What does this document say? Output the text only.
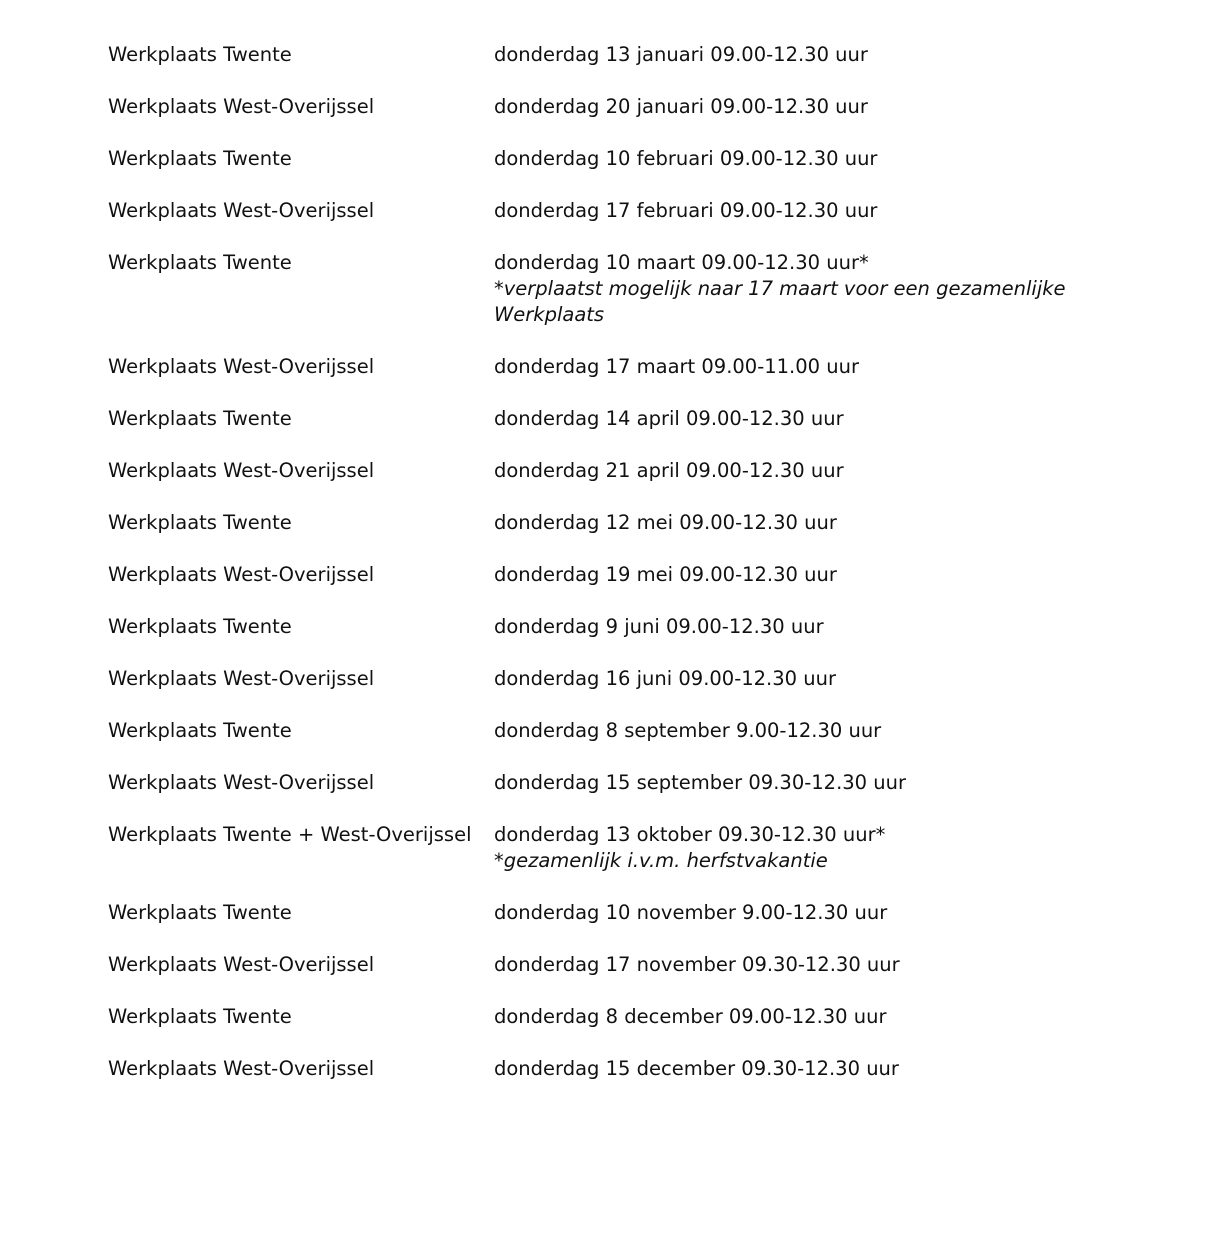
Werkplaats Twente	donderdag 13 januari 09.00-12.30 uur
Werkplaats West-Overijssel	donderdag 20 januari 09.00-12.30 uur
Werkplaats Twente	donderdag 10 februari 09.00-12.30 uur
Werkplaats West-Overijssel	donderdag 17 februari 09.00-12.30 uur
Werkplaats Twente	donderdag 10 maart 09.00-12.30 uur*
*verplaatst mogelijk naar 17 maart voor een gezamenlijke Werkplaats
Werkplaats West-Overijssel	donderdag 17 maart 09.00-11.00 uur
Werkplaats Twente	donderdag 14 april 09.00-12.30 uur
Werkplaats West-Overijssel	donderdag 21 april 09.00-12.30 uur
Werkplaats Twente	donderdag 12 mei 09.00-12.30 uur
Werkplaats West-Overijssel	donderdag 19 mei 09.00-12.30 uur
Werkplaats Twente	donderdag 9 juni 09.00-12.30 uur
Werkplaats West-Overijssel	donderdag 16 juni 09.00-12.30 uur
Werkplaats Twente	donderdag 8 september 9.00-12.30 uur
Werkplaats West-Overijssel	donderdag 15 september 09.30-12.30 uur
Werkplaats Twente + West-Overijssel	donderdag 13 oktober 09.30-12.30 uur*
*gezamenlijk i.v.m. herfstvakantie
Werkplaats Twente	donderdag 10 november 9.00-12.30 uur
Werkplaats West-Overijssel	donderdag 17 november 09.30-12.30 uur
Werkplaats Twente	donderdag 8 december 09.00-12.30 uur
Werkplaats West-Overijssel	donderdag 15 december 09.30-12.30 uur
